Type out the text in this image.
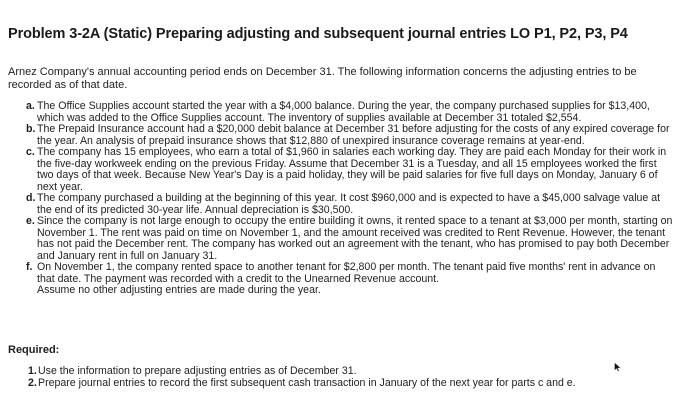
Problem 3-2A (Static) Preparing adjusting and subsequent journal entries LO P1, P2, P3, P4

Arnez Company's annual accounting period ends on December 31. The following information concerns the adjusting entries to be recorded as of that date.

a. The Office Supplies account started the year with a $4,000 balance. During the year, the company purchased supplies for $13,400, which was added to the Office Supplies account. The inventory of supplies available at December 31 totaled $2,554.
b. The Prepaid Insurance account had a $20,000 debit balance at December 31 before adjusting for the costs of any expired coverage for the year. An analysis of prepaid insurance shows that $12,880 of unexpired insurance coverage remains at year-end.
c. The company has 15 employees, who earn a total of $1,960 in salaries each working day. They are paid each Monday for their work in the five-day workweek ending on the previous Friday. Assume that December 31 is a Tuesday, and all 15 employees worked the first two days of that week. Because New Year's Day is a paid holiday, they will be paid salaries for five full days on Monday, January 6 of next year.
d. The company purchased a building at the beginning of this year. It cost $960,000 and is expected to have a $45,000 salvage value at the end of its predicted 30-year life. Annual depreciation is $30,500.
e. Since the company is not large enough to occupy the entire building it owns, it rented space to a tenant at $3,000 per month, starting on November 1. The rent was paid on time on November 1, and the amount received was credited to Rent Revenue. However, the tenant has not paid the December rent. The company has worked out an agreement with the tenant, who has promised to pay both December and January rent in full on January 31.
f. On November 1, the company rented space to another tenant for $2,800 per month. The tenant paid five months' rent in advance on that date. The payment was recorded with a credit to the Unearned Revenue account.
Assume no other adjusting entries are made during the year.

Required:

1. Use the information to prepare adjusting entries as of December 31.
2. Prepare journal entries to record the first subsequent cash transaction in January of the next year for parts c and e.
